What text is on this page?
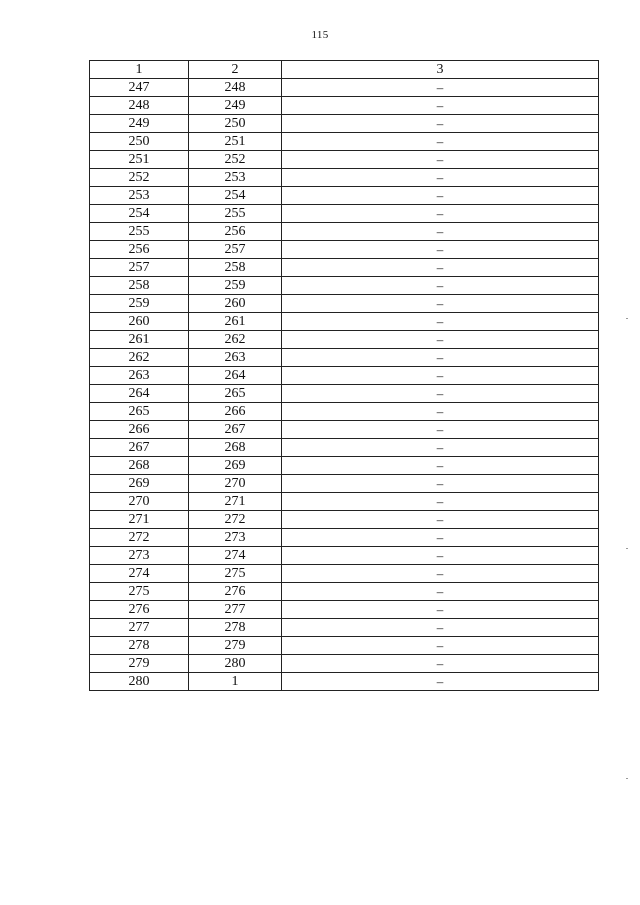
115
1	2	3
247	248	–
248	249	–
249	250	–
250	251	–
251	252	–
252	253	–
253	254	–
254	255	–
255	256	–
256	257	–
257	258	–
258	259	–
259	260	–
260	261	–
261	262	–
262	263	–
263	264	–
264	265	–
265	266	–
266	267	–
267	268	–
268	269	–
269	270	–
270	271	–
271	272	–
272	273	–
273	274	–
274	275	–
275	276	–
276	277	–
277	278	–
278	279	–
279	280	–
280	1	–
